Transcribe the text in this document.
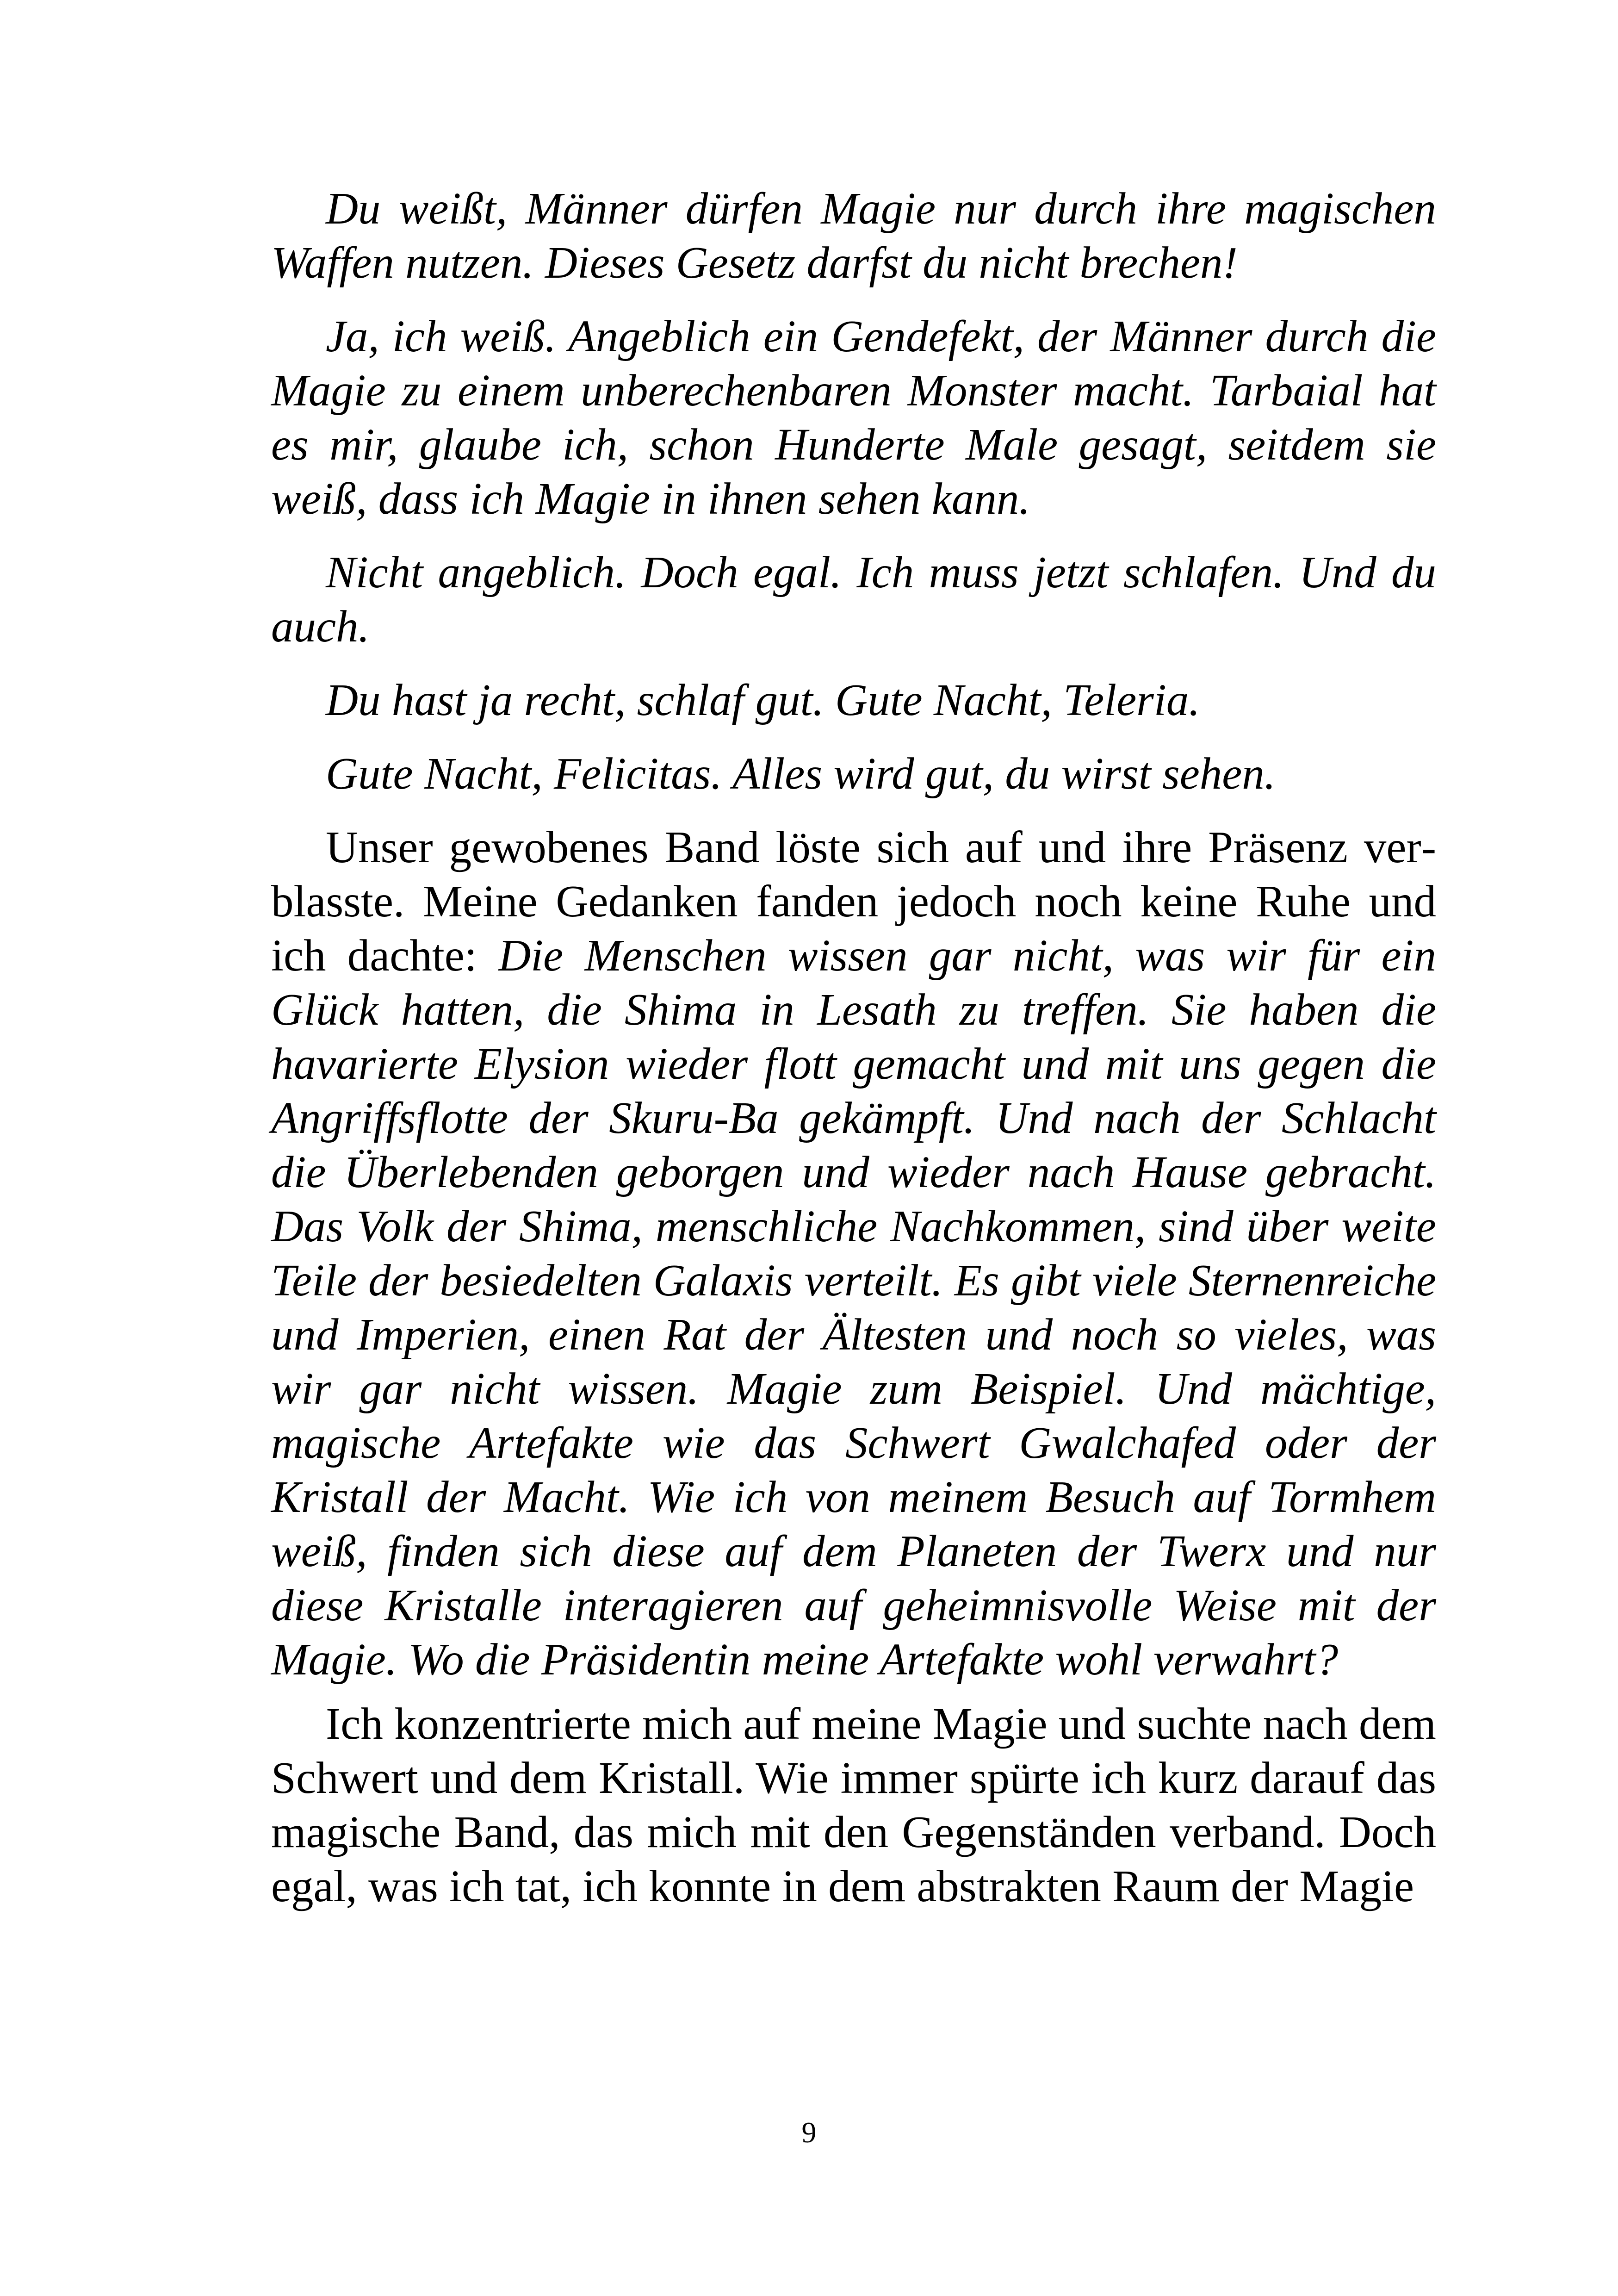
Du weißt, Männer dürfen Magie nur durch ihre magischen Waffen nutzen. Dieses Gesetz darfst du nicht brechen!

Ja, ich weiß. Angeblich ein Gendefekt, der Männer durch die Magie zu einem unberechenbaren Monster macht. Tarbaial hat es mir, glaube ich, schon Hunderte Male gesagt, seitdem sie weiß, dass ich Magie in ihnen sehen kann.

Nicht angeblich. Doch egal. Ich muss jetzt schlafen. Und du auch.

Du hast ja recht, schlaf gut. Gute Nacht, Teleria.

Gute Nacht, Felicitas. Alles wird gut, du wirst sehen.

Unser gewobenes Band löste sich auf und ihre Präsenz verblasste. Meine Gedanken fanden jedoch noch keine Ruhe und ich dachte: Die Menschen wissen gar nicht, was wir für ein Glück hatten, die Shima in Lesath zu treffen. Sie haben die havarierte Elysion wieder flott gemacht und mit uns gegen die Angriffsflotte der Skuru-Ba gekämpft. Und nach der Schlacht die Überlebenden geborgen und wieder nach Hause gebracht. Das Volk der Shima, menschliche Nachkommen, sind über weite Teile der besiedelten Galaxis verteilt. Es gibt viele Sternenreiche und Imperien, einen Rat der Ältesten und noch so vieles, was wir gar nicht wissen. Magie zum Beispiel. Und mächtige, magische Artefakte wie das Schwert Gwalchafed oder der Kristall der Macht. Wie ich von meinem Besuch auf Tormhem weiß, finden sich diese auf dem Planeten der Twerx und nur diese Kristalle interagieren auf geheimnisvolle Weise mit der Magie. Wo die Präsidentin meine Artefakte wohl verwahrt?

Ich konzentrierte mich auf meine Magie und suchte nach dem Schwert und dem Kristall. Wie immer spürte ich kurz darauf das magische Band, das mich mit den Gegenständen verband. Doch egal, was ich tat, ich konnte in dem abstrakten Raum der Magie

9
